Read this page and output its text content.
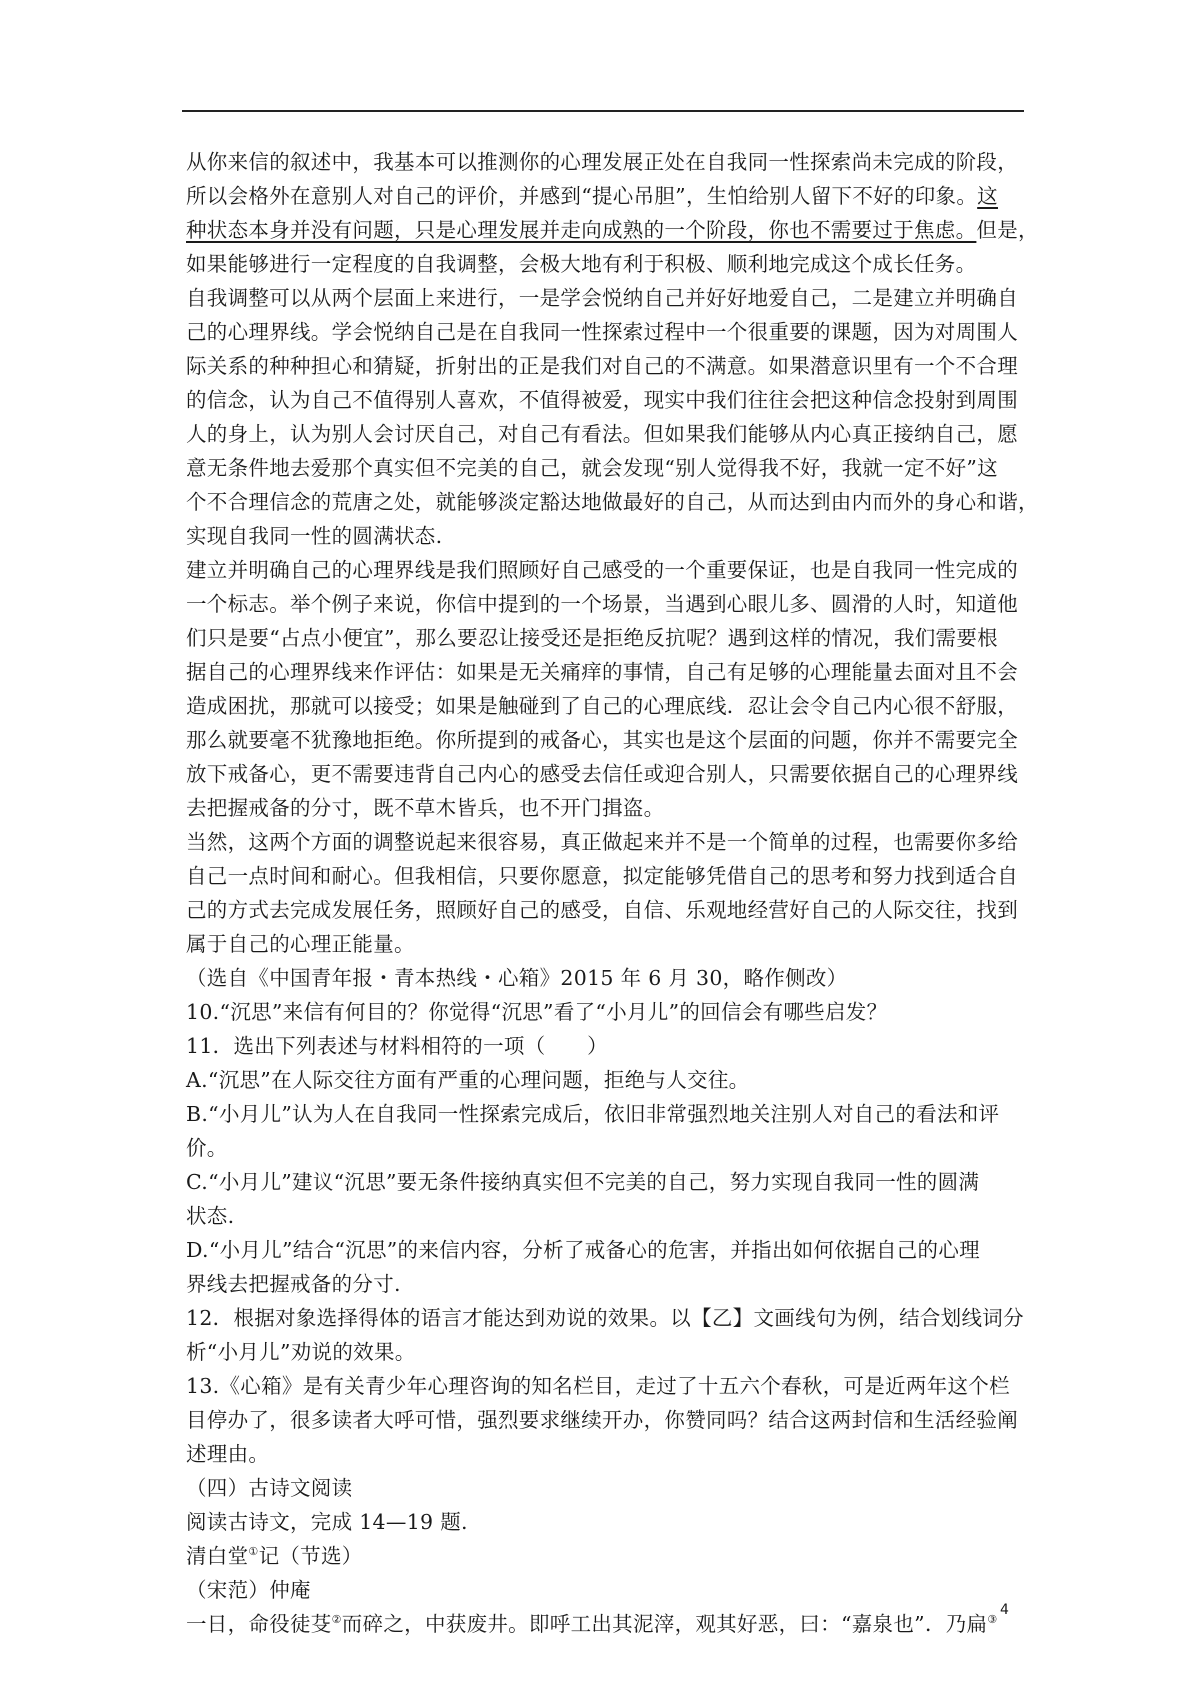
从你来信的叙述中，我基本可以推测你的心理发展正处在自我同一性探索尚未完成的阶段，
所以会格外在意别人对自己的评价，并感到“提心吊胆”，生怕给别人留下不好的印象。这
种状态本身并没有问题，只是心理发展并走向成熟的一个阶段，你也不需要过于焦虑。但是，
如果能够进行一定程度的自我调整，会极大地有利于积极、顺利地完成这个成长任务。
自我调整可以从两个层面上来进行，一是学会悦纳自己并好好地爱自己，二是建立并明确自
己的心理界线。学会悦纳自己是在自我同一性探索过程中一个很重要的课题，因为对周围人
际关系的种种担心和猜疑，折射出的正是我们对自己的不满意。如果潜意识里有一个不合理
的信念，认为自己不值得别人喜欢，不值得被爱，现实中我们往往会把这种信念投射到周围
人的身上，认为别人会讨厌自己，对自己有看法。但如果我们能够从内心真正接纳自己，愿
意无条件地去爱那个真实但不完美的自己，就会发现“别人觉得我不好，我就一定不好”这
个不合理信念的荒唐之处，就能够淡定豁达地做最好的自己，从而达到由内而外的身心和谐，
实现自我同一性的圆满状态.
建立并明确自己的心理界线是我们照顾好自己感受的一个重要保证，也是自我同一性完成的
一个标志。举个例子来说，你信中提到的一个场景，当遇到心眼儿多、圆滑的人时，知道他
们只是要“占点小便宜”，那么要忍让接受还是拒绝反抗呢？遇到这样的情况，我们需要根
据自己的心理界线来作评估：如果是无关痛痒的事情，自己有足够的心理能量去面对且不会
造成困扰，那就可以接受；如果是触碰到了自己的心理底线．忍让会令自己内心很不舒服，
那么就要毫不犹豫地拒绝。你所提到的戒备心，其实也是这个层面的问题，你并不需要完全
放下戒备心，更不需要违背自己内心的感受去信任或迎合别人，只需要依据自己的心理界线
去把握戒备的分寸，既不草木皆兵，也不开门揖盗。
当然，这两个方面的调整说起来很容易，真正做起来并不是一个简单的过程，也需要你多给
自己一点时间和耐心。但我相信，只要你愿意，拟定能够凭借自己的思考和努力找到适合自
己的方式去完成发展任务，照顾好自己的感受，自信、乐观地经营好自己的人际交往，找到
属于自己的心理正能量。
（选自《中国青年报・青本热线・心箱》2015 年 6 月 30，略作侧改）
10.“沉思”来信有何目的？你觉得“沉思”看了“小月儿”的回信会有哪些启发？
11．选出下列表述与材料相符的一项（　　）
A.“沉思”在人际交往方面有严重的心理问题，拒绝与人交往。
B.“小月儿”认为人在自我同一性探索完成后，依旧非常强烈地关注别人对自己的看法和评
价。
C.“小月儿”建议“沉思”要无条件接纳真实但不完美的自己，努力实现自我同一性的圆满
状态.
D.“小月儿”结合“沉思”的来信内容，分析了戒备心的危害，并指出如何依据自己的心理
界线去把握戒备的分寸.
12．根据对象选择得体的语言才能达到劝说的效果。以【乙】文画线句为例，结合划线词分
析“小月儿”劝说的效果。
13.《心箱》是有关青少年心理咨询的知名栏目，走过了十五六个春秋，可是近两年这个栏
目停办了，很多读者大呼可惜，强烈要求继续开办，你赞同吗？结合这两封信和生活经验阐
述理由。
（四）古诗文阅读
阅读古诗文，完成 14—19 题.
清白堂①记（节选）
（宋范）仲庵
一日，命役徒芟②而碎之，中获废井。即呼工出其泥滓，观其好恶，曰：“嘉泉也”．乃扁③
4
